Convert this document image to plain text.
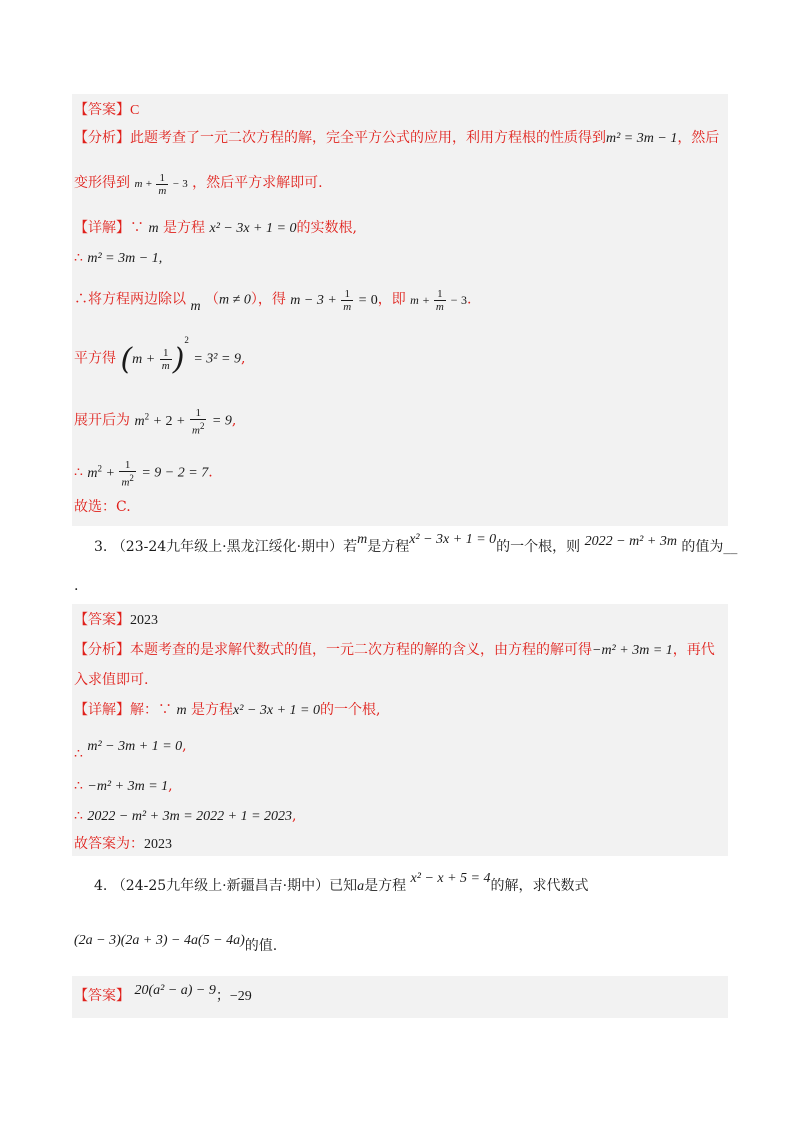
【答案】C
【分析】此题考查了一元二次方程的解，完全平方公式的应用，利用方程根的性质得到m² = 3m − 1，然后
变形得到 $m + \frac{1}{m} - 3$ ，然后平方求解即可.
【详解】∵ m 是方程 x² − 3x + 1 = 0的实数根,
∴ m² = 3m − 1,
∴将方程两边除以 m （m ≠ 0），得 $m - 3 + \frac{1}{m} = 0$，即 $m + \frac{1}{m} - 3$.
平方得 $(m + \frac{1}{m} )^2 = 3^2 = 9$,
展开后为 $m^2 + 2 + \frac{1}{m^2} = 9$,
∴ $m^2 + \frac{1}{m^2} = 9 - 2 = 7$.
故选：C.
3. （23-24九年级上·黑龙江绥化·期中）若m是方程x² − 3x + 1 = 0的一个根，则 2022 − m² + 3m 的值为__
.
【答案】2023
【分析】本题考查的是求解代数式的值，一元二次方程的解的含义，由方程的解可得−m² + 3m = 1，再代
入求值即可.
【详解】解：∵ m 是方程x² − 3x + 1 = 0的一个根,
∴ m² − 3m + 1 = 0,
∴ −m² + 3m = 1,
∴ 2022 − m² + 3m = 2022 + 1 = 2023,
故答案为：2023
4. （24-25九年级上·新疆昌吉·期中）已知a是方程 x² − x + 5 = 4的解，求代数式
(2a − 3)(2a + 3) − 4a(5 − 4a)的值.
【答案】 20(a² − a) − 9；−29
